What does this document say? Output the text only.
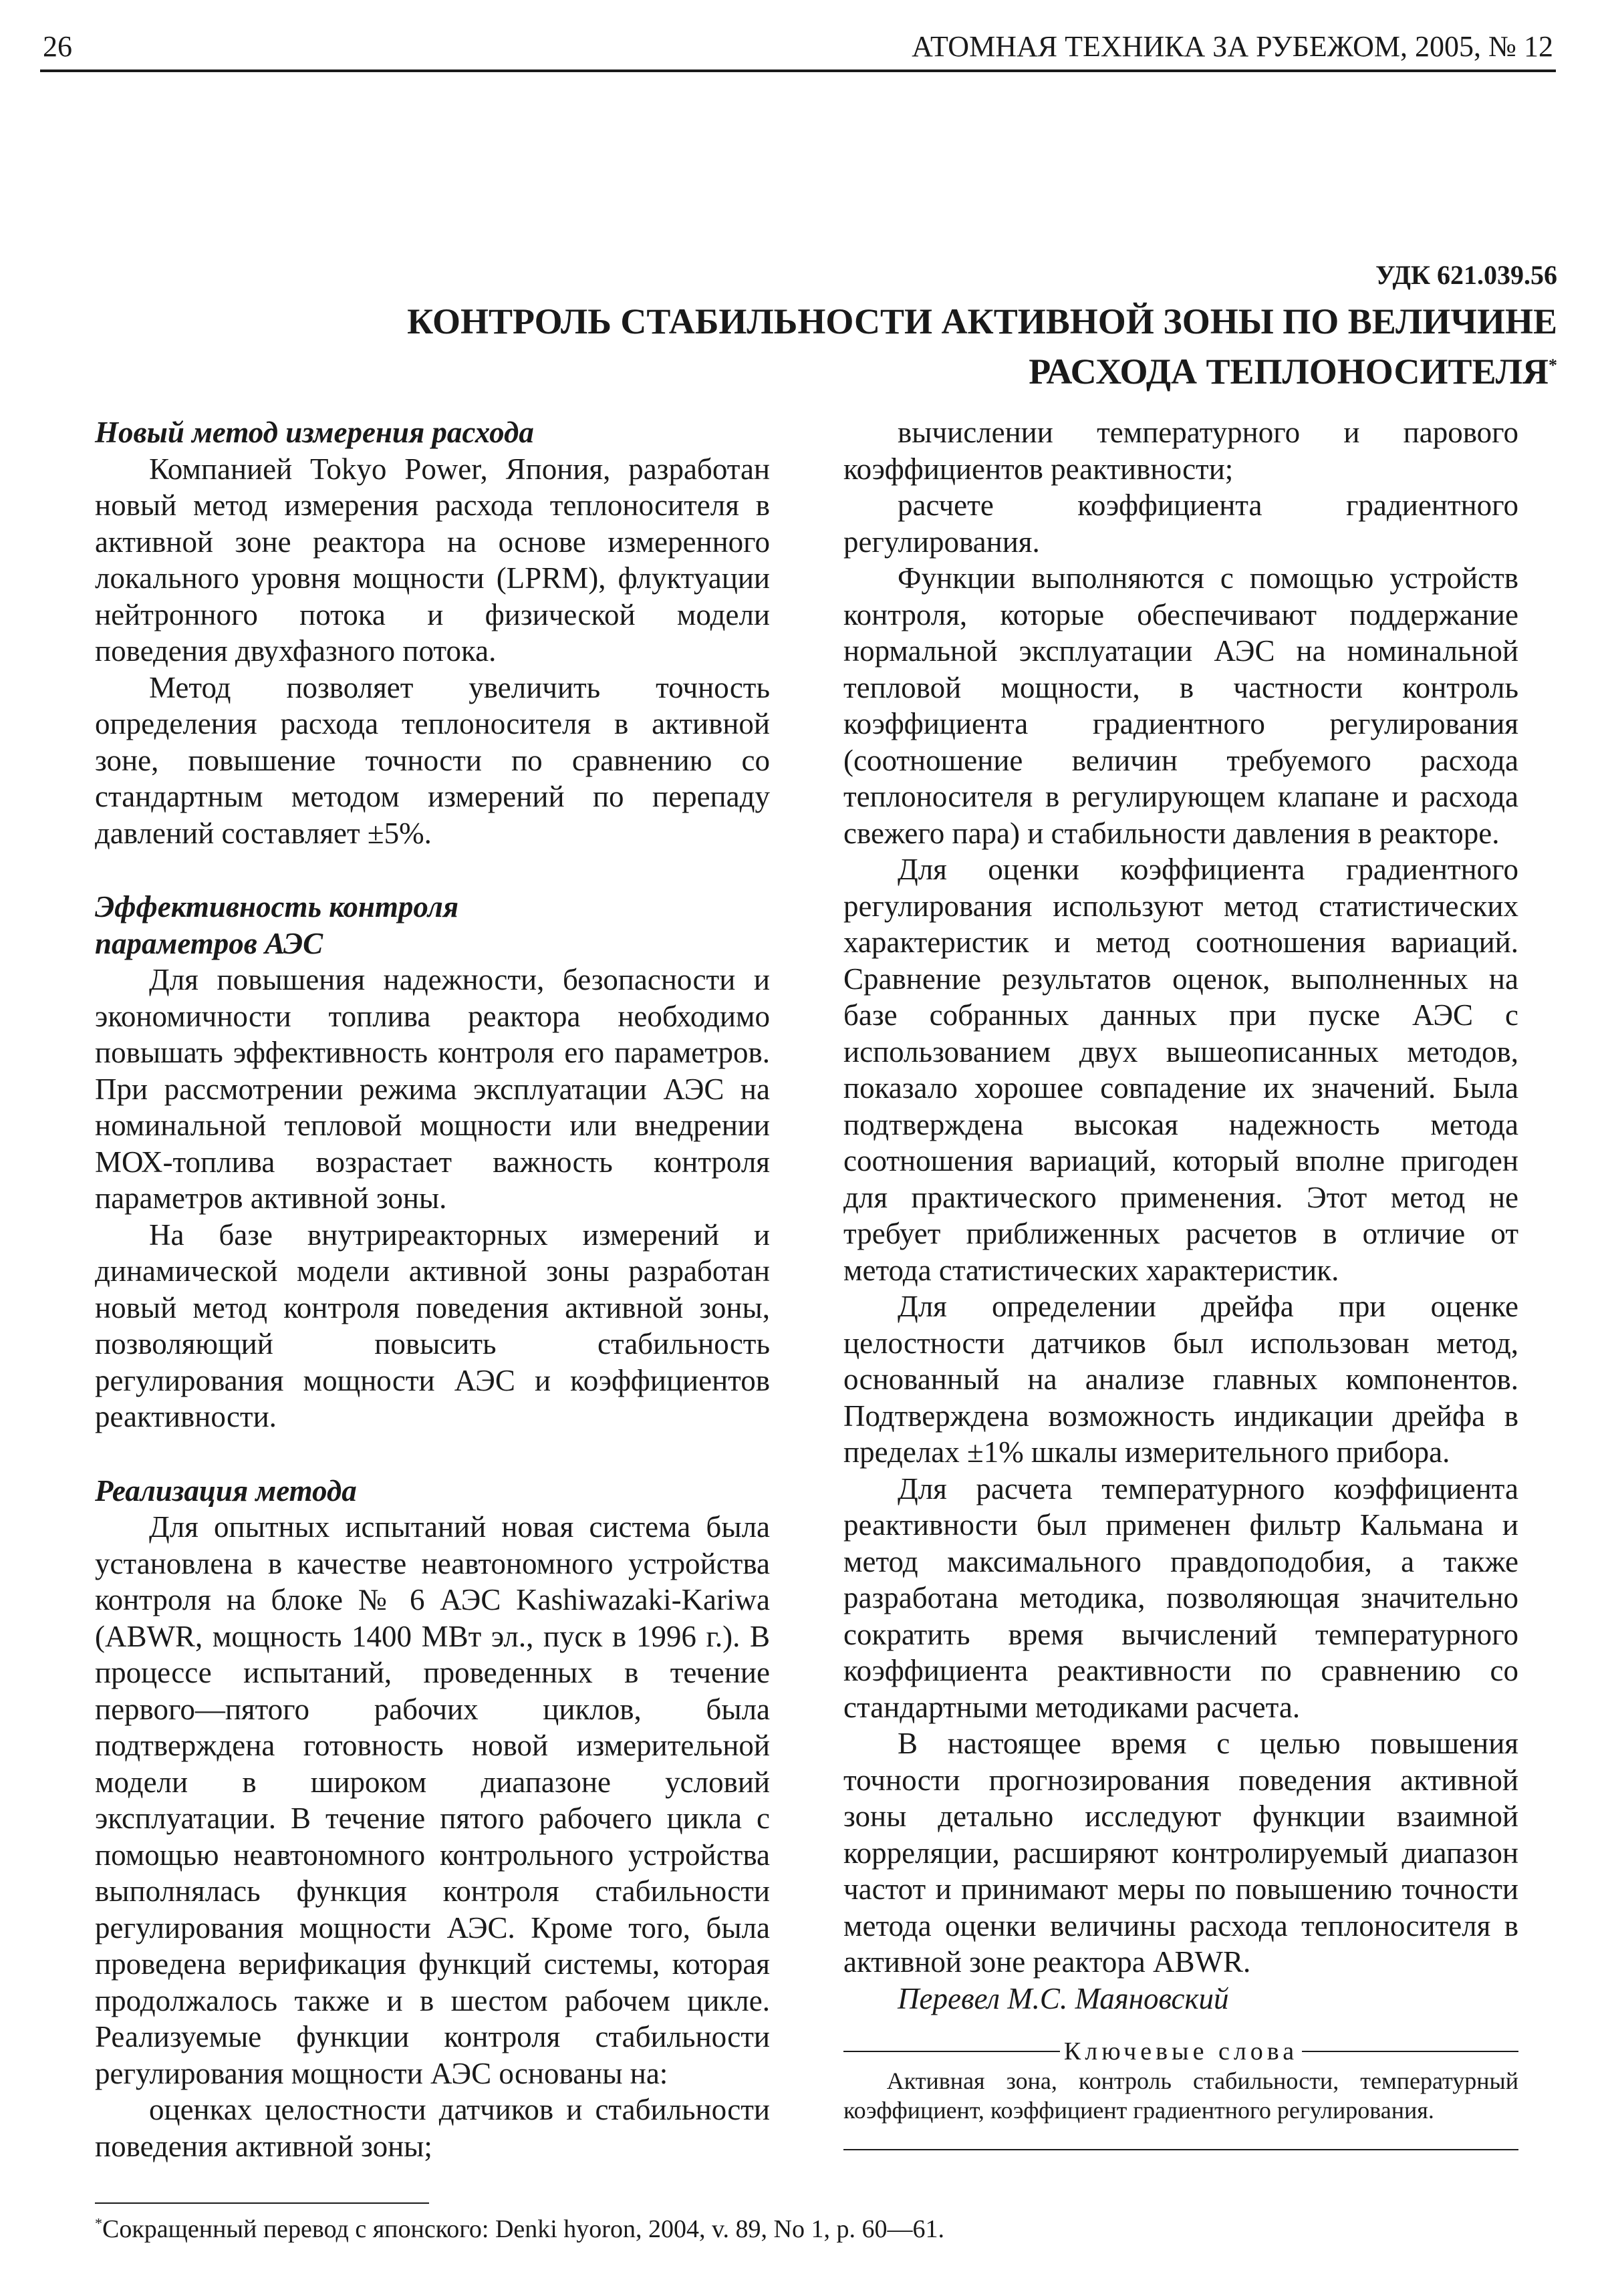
26	АТОМНАЯ ТЕХНИКА ЗА РУБЕЖОМ, 2005, № 12
УДК 621.039.56
КОНТРОЛЬ СТАБИЛЬНОСТИ АКТИВНОЙ ЗОНЫ ПО ВЕЛИЧИНЕ
РАСХОДА ТЕПЛОНОСИТЕЛЯ*
Новый метод измерения расхода

Компанией Tokyo Power, Япония, разработан новый метод измерения расхода теплоносителя в активной зоне реактора на основе измеренного локального уровня мощности (LPRM), флуктуации нейтронного потока и физической модели поведения двухфазного потока.

Метод позволяет увеличить точность определения расхода теплоносителя в активной зоне, повышение точности по сравнению со стандартным методом измерений по перепаду давлений составляет ±5%.

Эффективность контроля
параметров АЭС

Для повышения надежности, безопасности и экономичности топлива реактора необходимо повышать эффективность контроля его параметров. При рассмотрении режима эксплуатации АЭС на номинальной тепловой мощности или внедрении МОХ-топлива возрастает важность контроля параметров активной зоны.

На базе внутриреакторных измерений и динамической модели активной зоны разработан новый метод контроля поведения активной зоны, позволяющий повысить стабильность регулирования мощности АЭС и коэффициентов реактивности.

Реализация метода

Для опытных испытаний новая система была установлена в качестве неавтономного устройства контроля на блоке № 6 АЭС Kashiwazaki-Kariwa (ABWR, мощность 1400 МВт эл., пуск в 1996 г.). В процессе испытаний, проведенных в течение первого—пятого рабочих циклов, была подтверждена готовность новой измерительной модели в широком диапазоне условий эксплуатации. В течение пятого рабочего цикла с помощью неавтономного контрольного устройства выполнялась функция контроля стабильности регулирования мощности АЭС. Кроме того, была проведена верификация функций системы, которая продолжалось также и в шестом рабочем цикле. Реализуемые функции контроля стабильности регулирования мощности АЭС основаны на:

оценках целостности датчиков и стабильности поведения активной зоны;

вычислении температурного и парового коэффициентов реактивности;

расчете коэффициента градиентного регулирования.

Функции выполняются с помощью устройств контроля, которые обеспечивают поддержание нормальной эксплуатации АЭС на номинальной тепловой мощности, в частности контроль коэффициента градиентного регулирования (соотношение величин требуемого расхода теплоносителя в регулирующем клапане и расхода свежего пара) и стабильности давления в реакторе.

Для оценки коэффициента градиентного регулирования используют метод статистических характеристик и метод соотношения вариаций. Сравнение результатов оценок, выполненных на базе собранных данных при пуске АЭС с использованием двух вышеописанных методов, показало хорошее совпадение их значений. Была подтверждена высокая надежность метода соотношения вариаций, который вполне пригоден для практического применения. Этот метод не требует приближенных расчетов в отличие от метода статистических характеристик.

Для определении дрейфа при оценке целостности датчиков был использован метод, основанный на анализе главных компонентов. Подтверждена возможность индикации дрейфа в пределах ±1% шкалы измерительного прибора.

Для расчета температурного коэффициента реактивности был применен фильтр Кальмана и метод максимального правдоподобия, а также разработана методика, позволяющая значительно сократить время вычислений температурного коэффициента реактивности по сравнению со стандартными методиками расчета.

В настоящее время с целью повышения точности прогнозирования поведения активной зоны детально исследуют функции взаимной корреляции, расширяют контролируемый диапазон частот и принимают меры по повышению точности метода оценки величины расхода теплоносителя в активной зоне реактора ABWR.

Перевел М.С. Маяновский

Ключевые слова
Активная зона, контроль стабильности, температурный коэффициент, коэффициент градиентного регулирования.
*Сокращенный перевод с японского: Denki hyoron, 2004, v. 89, No 1, p. 60—61.
